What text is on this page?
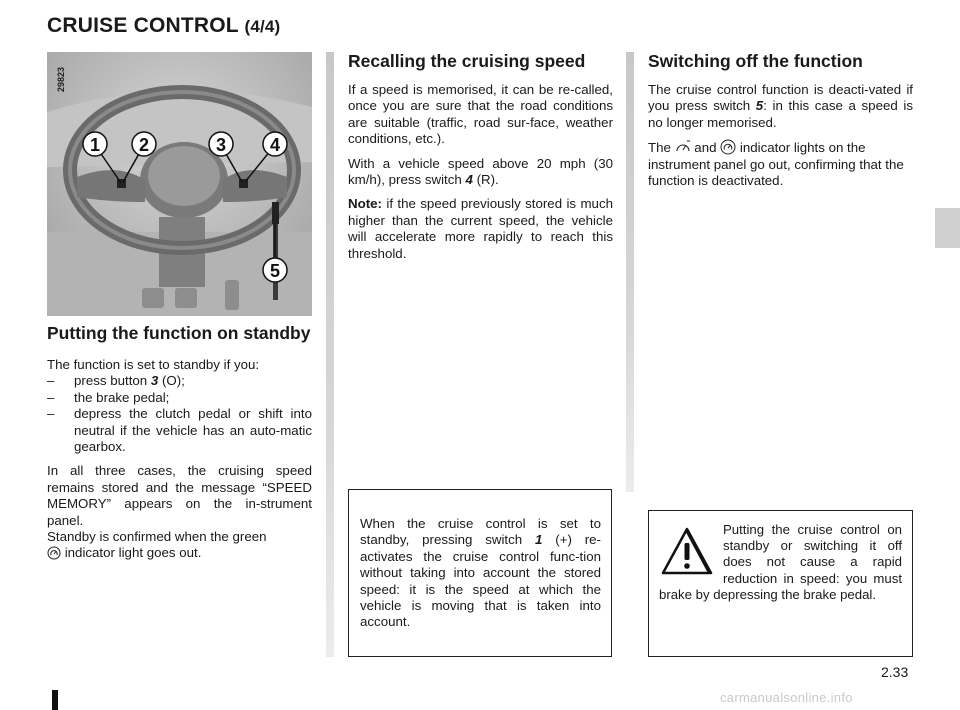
CRUISE CONTROL (4/4)
1 2	3 4
5
29823
Putting the function on standby

The function is set to standby if you:

– press button 3 (O);
– the brake pedal;
– depress the clutch pedal or shift into neutral if the vehicle has an auto-matic gearbox.

In all three cases, the cruising speed remains stored and the message “SPEED MEMORY” appears on the in-strument panel.

Standby is confirmed when the green
indicator light goes out.

Recalling the cruising speed

If a speed is memorised, it can be re-called, once you are sure that the road conditions are suitable (traffic, road sur-face, weather conditions, etc.).

With a vehicle speed above 20 mph (30 km/h), press switch 4 (R).

Note: if the speed previously stored is much higher than the current speed, the vehicle will accelerate more rapidly to reach this threshold.

When the cruise control is set to standby, pressing switch 1 (+) re-activates the cruise control func-tion without taking into account the stored speed: it is the speed at which the vehicle is moving that is taken into account.

Switching off the function

The cruise control function is deacti-vated if you press switch 5: in this case a speed is no longer memorised.

The  and  indicator lights on the instrument panel go out, confirming that the function is deactivated.

Putting the cruise control on standby or switching it off does not cause a rapid reduction in speed: you must brake by depressing the brake pedal.

2.33
carmanualsonline.info
